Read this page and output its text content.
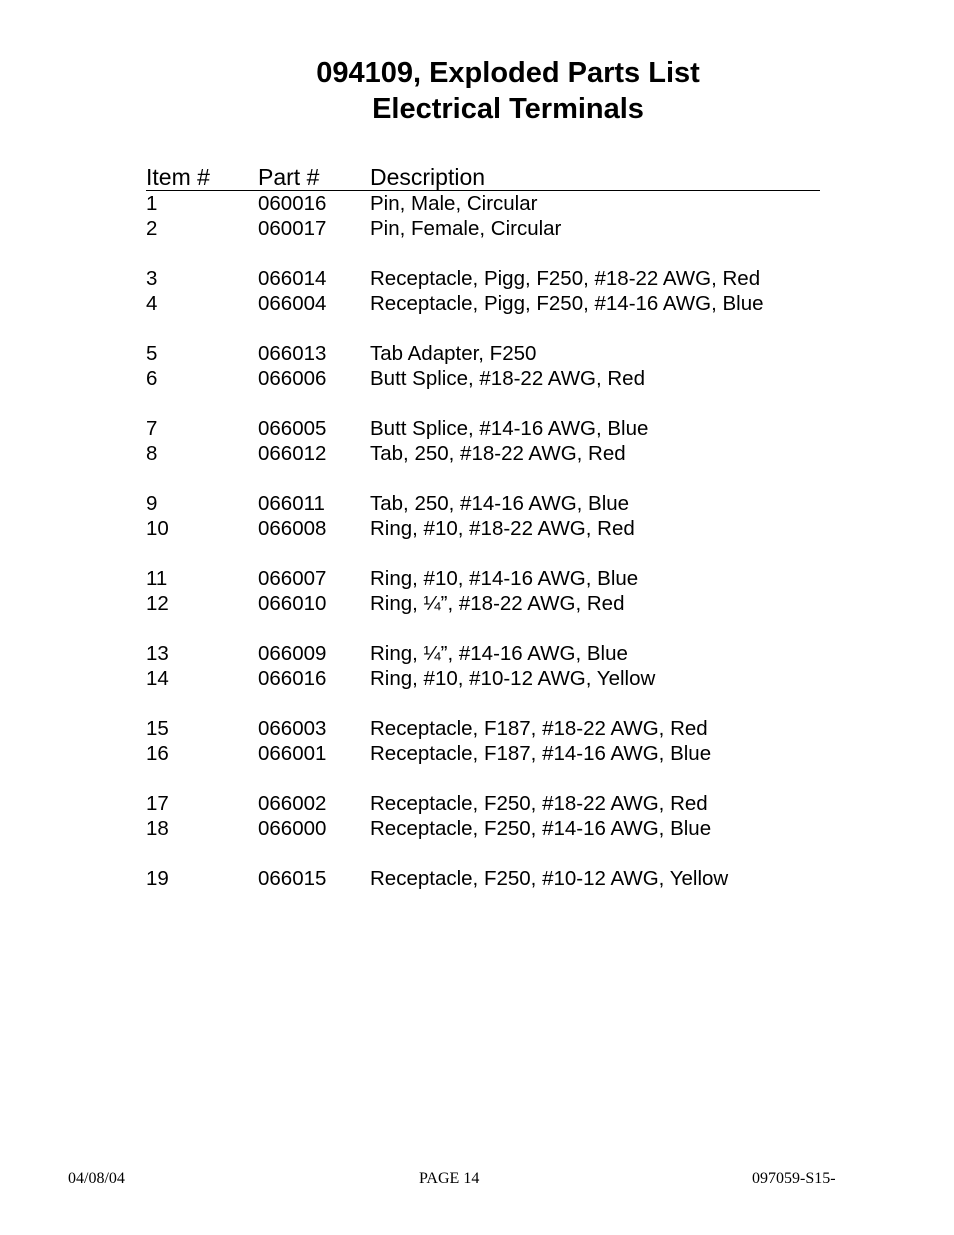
094109, Exploded Parts List
Electrical Terminals
Item # Part # Description
1	060016 Pin, Male, Circular
2	060017 Pin, Female, Circular
3	066014 Receptacle, Pigg, F250, #18-22 AWG, Red
4	066004 Receptacle, Pigg, F250, #14-16 AWG, Blue
5	066013 Tab Adapter, F250
6	066006 Butt Splice, #18-22 AWG, Red
7	066005 Butt Splice, #14-16 AWG, Blue
8	066012 Tab, 250, #18-22 AWG, Red
9	066011 Tab, 250, #14-16 AWG, Blue
10	066008 Ring, #10, #18-22 AWG, Red
11	066007 Ring, #10, #14-16 AWG, Blue
12	066010 Ring, ¼”, #18-22 AWG, Red
13	066009 Ring, ¼”, #14-16 AWG, Blue
14	066016 Ring, #10, #10-12 AWG, Yellow
15	066003 Receptacle, F187, #18-22 AWG, Red
16	066001 Receptacle, F187, #14-16 AWG, Blue
17	066002 Receptacle, F250, #18-22 AWG, Red
18	066000 Receptacle, F250, #14-16 AWG, Blue
19	066015 Receptacle, F250, #10-12 AWG, Yellow
04/08/04	PAGE 14	097059-S15-
